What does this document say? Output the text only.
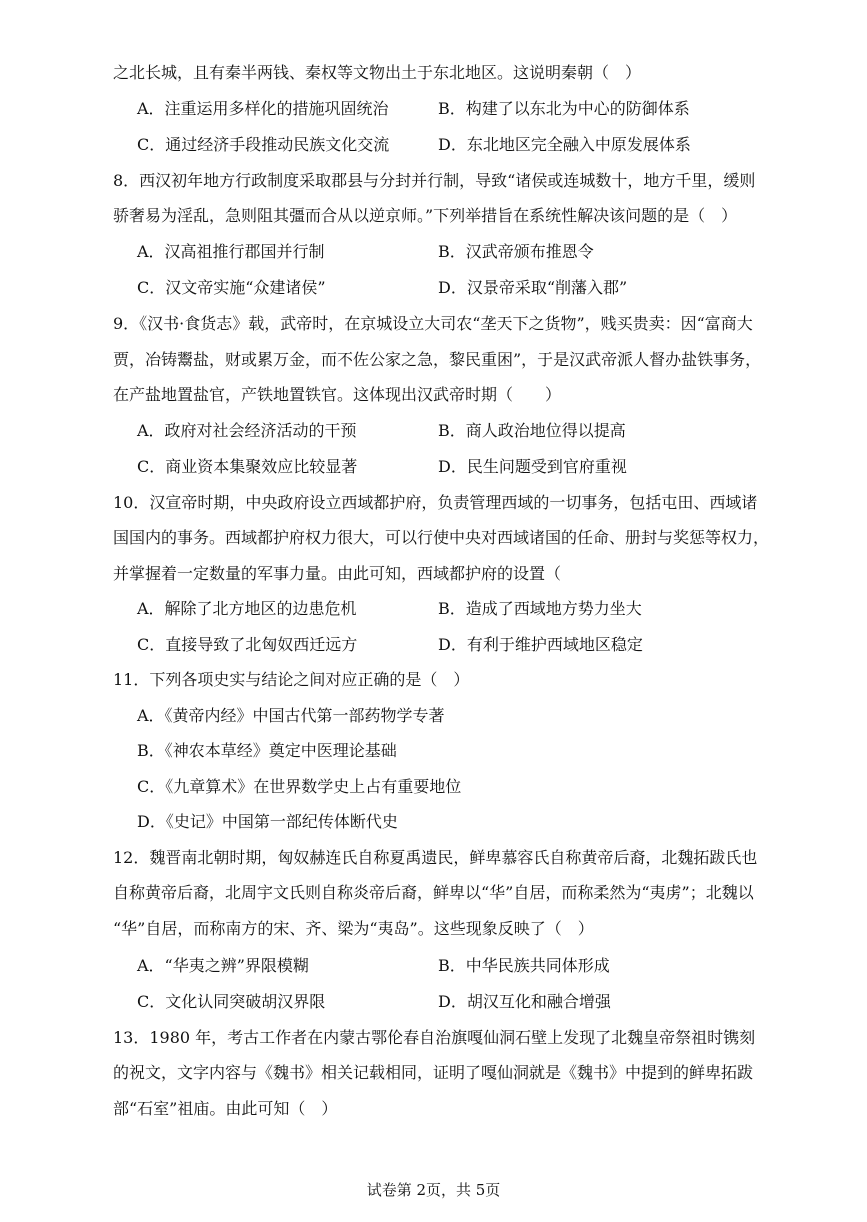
之北长城，且有秦半两钱、秦权等文物出土于东北地区。这说明秦朝（　）
A．注重运用多样化的措施巩固统治	B．构建了以东北为中心的防御体系
C．通过经济手段推动民族文化交流	D．东北地区完全融入中原发展体系
8．西汉初年地方行政制度采取郡县与分封并行制，导致“诸侯或连城数十，地方千里，缓则
骄奢易为淫乱，急则阻其彊而合从以逆京师。”下列举措旨在系统性解决该问题的是（　）
A．汉高祖推行郡国并行制	B．汉武帝颁布推恩令
C．汉文帝实施“众建诸侯”	D．汉景帝采取“削藩入郡”
9．《汉书·食货志》载，武帝时，在京城设立大司农“垄天下之货物”，贱买贵卖：因“富商大
贾，冶铸鬻盐，财或累万金，而不佐公家之急，黎民重困”，于是汉武帝派人督办盐铁事务，
在产盐地置盐官，产铁地置铁官。这体现出汉武帝时期（　　）
A．政府对社会经济活动的干预	B．商人政治地位得以提高
C．商业资本集聚效应比较显著	D．民生问题受到官府重视
10．汉宣帝时期，中央政府设立西域都护府，负责管理西域的一切事务，包括屯田、西域诸
国国内的事务。西域都护府权力很大，可以行使中央对西域诸国的任命、册封与奖惩等权力，
并掌握着一定数量的军事力量。由此可知，西域都护府的设置（
A．解除了北方地区的边患危机	B．造成了西域地方势力坐大
C．直接导致了北匈奴西迁远方	D．有利于维护西域地区稳定
11．下列各项史实与结论之间对应正确的是（　）
A．《黄帝内经》中国古代第一部药物学专著
B．《神农本草经》奠定中医理论基础
C．《九章算术》在世界数学史上占有重要地位
D．《史记》中国第一部纪传体断代史
12．魏晋南北朝时期，匈奴赫连氏自称夏禹遗民，鲜卑慕容氏自称黄帝后裔，北魏拓跋氏也
自称黄帝后裔，北周宇文氏则自称炎帝后裔，鲜卑以“华”自居，而称柔然为“夷虏”；北魏以
“华”自居，而称南方的宋、齐、梁为“夷岛”。这些现象反映了（　）
A．“华夷之辨”界限模糊	B．中华民族共同体形成
C．文化认同突破胡汉界限	D．胡汉互化和融合增强
13．1980 年，考古工作者在内蒙古鄂伦春自治旗嘎仙洞石壁上发现了北魏皇帝祭祖时镌刻
的祝文，文字内容与《魏书》相关记载相同，证明了嘎仙洞就是《魏书》中提到的鲜卑拓跋
部“石室”祖庙。由此可知（　）
试卷第 2页，共 5页
